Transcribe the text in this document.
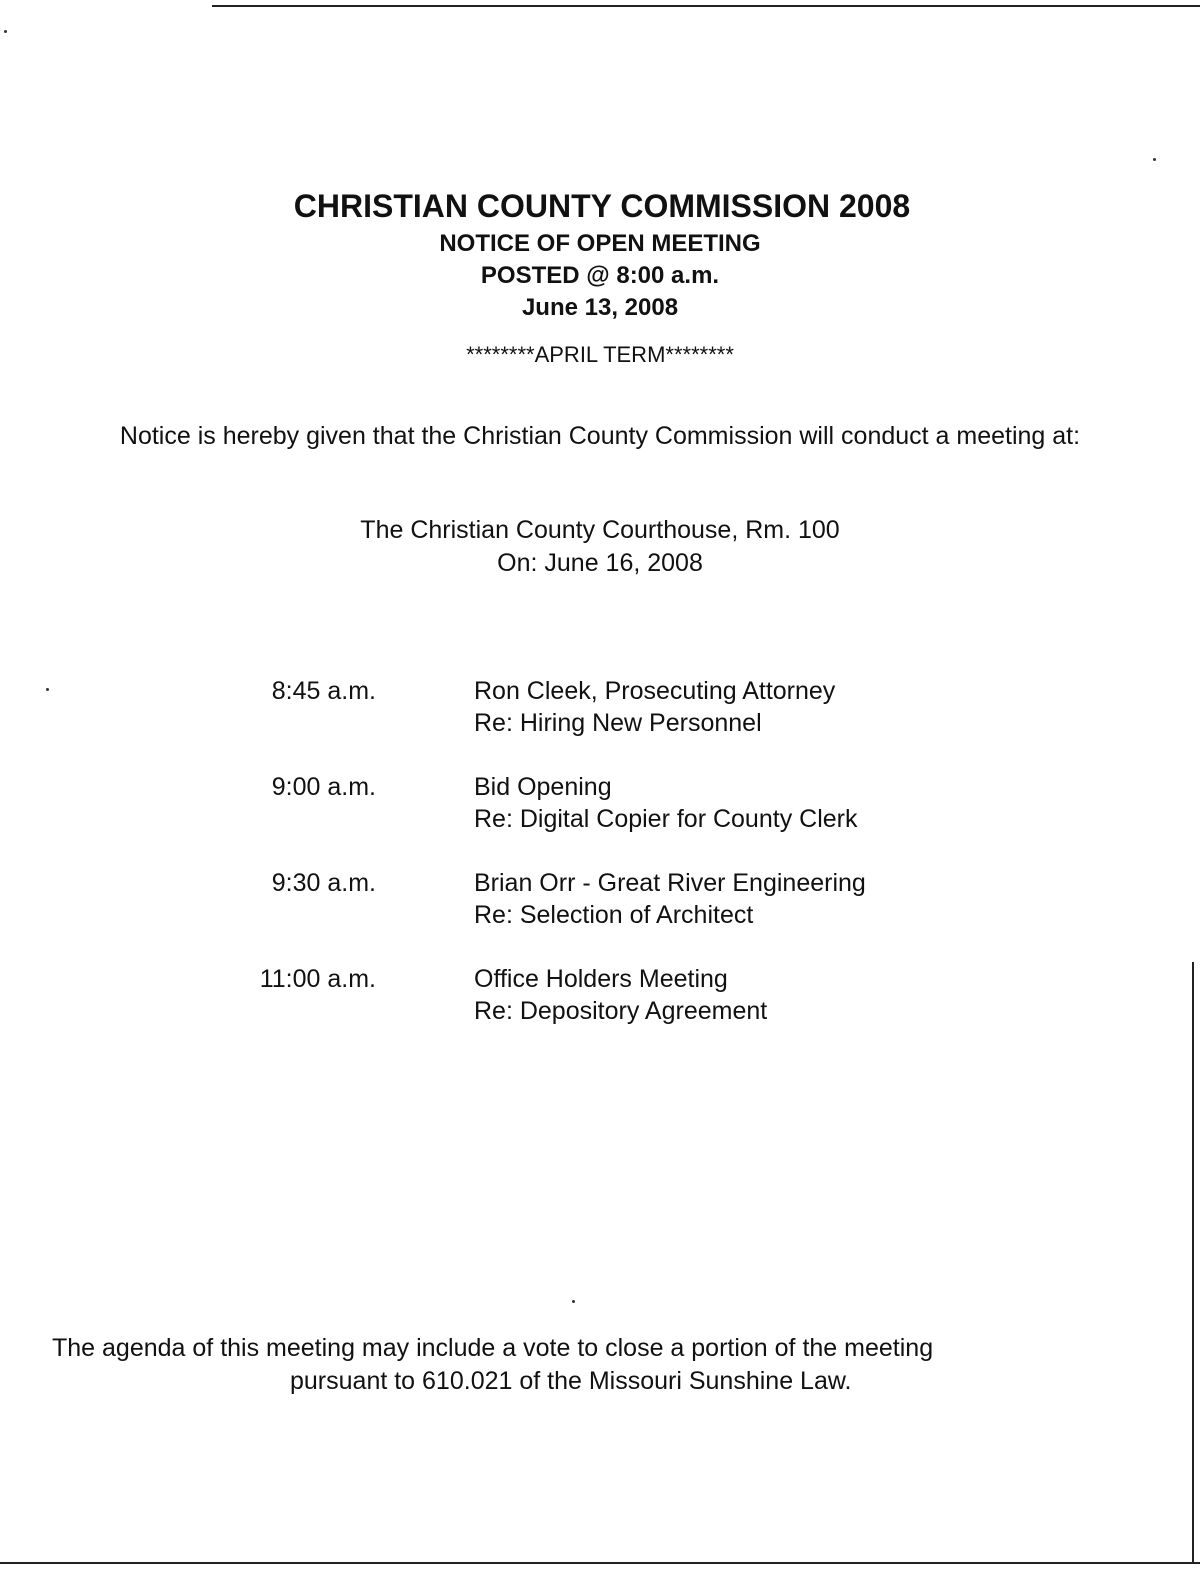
CHRISTIAN COUNTY COMMISSION 2008
NOTICE OF OPEN MEETING
POSTED @ 8:00 a.m.
June 13, 2008
********APRIL TERM********
Notice is hereby given that the Christian County Commission will conduct a meeting at:
The Christian County Courthouse, Rm. 100
On: June 16, 2008
8:45 a.m.	Ron Cleek, Prosecuting Attorney
Re: Hiring New Personnel
9:00 a.m.	Bid Opening
Re: Digital Copier for County Clerk
9:30 a.m.	Brian Orr - Great River Engineering
Re: Selection of Architect
11:00 a.m.	Office Holders Meeting
Re: Depository Agreement
The agenda of this meeting may include a vote to close a portion of the meeting
pursuant to 610.021 of the Missouri Sunshine Law.
